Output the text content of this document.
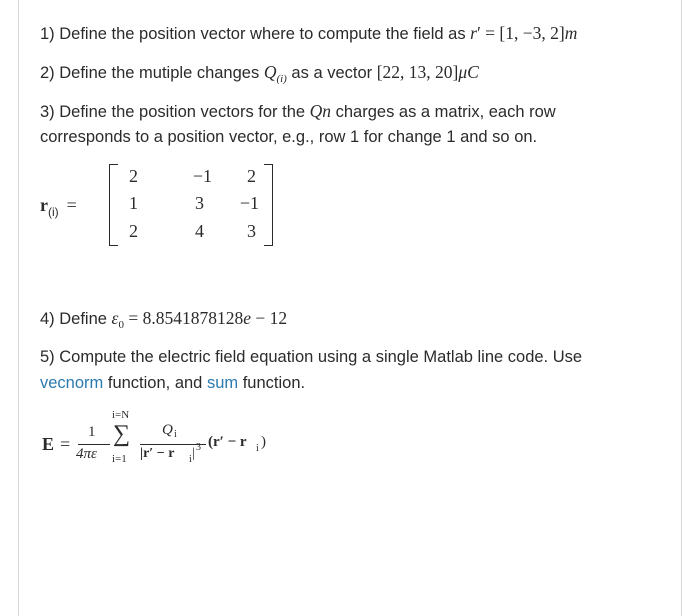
1) Define the position vector where to compute the field as r′ = [1, −3, 2]m
2) Define the mutiple changes $Q_{(i)}$ as a vector [22, 13, 20]μC
3) Define the position vectors for the Qn charges as a matrix, each row
corresponds to a position vector, e.g., row 1 for change 1 and so on.
$r_{(i)}$ =
2	−1	2
1	3	−1
2	4	3
4) Define $\varepsilon_0 = 8.8541878128e - 12$
5) Compute the electric field equation using a single Matlab line code. Use
vecnorm function, and sum function.
E =
1
4πε
i=N
∑
i=1
Q i
|r′ − r i | 3 (r′ − r i )
